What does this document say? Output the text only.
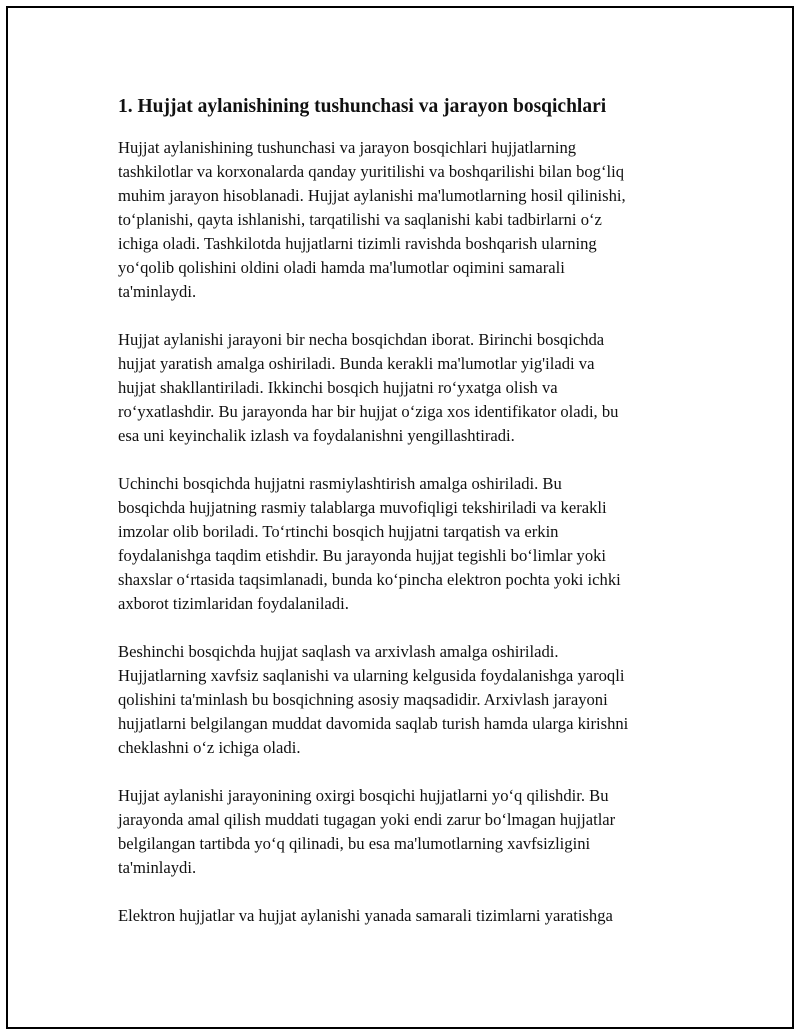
1. Hujjat aylanishining tushunchasi va jarayon bosqichlari

Hujjat aylanishining tushunchasi va jarayon bosqichlari hujjatlarning
tashkilotlar va korxonalarda qanday yuritilishi va boshqarilishi bilan bog‘liq
muhim jarayon hisoblanadi. Hujjat aylanishi ma'lumotlarning hosil qilinishi,
to‘planishi, qayta ishlanishi, tarqatilishi va saqlanishi kabi tadbirlarni o‘z
ichiga oladi. Tashkilotda hujjatlarni tizimli ravishda boshqarish ularning
yo‘qolib qolishini oldini oladi hamda ma'lumotlar oqimini samarali
ta'minlaydi.

Hujjat aylanishi jarayoni bir necha bosqichdan iborat. Birinchi bosqichda
hujjat yaratish amalga oshiriladi. Bunda kerakli ma'lumotlar yig'iladi va
hujjat shakllantiriladi. Ikkinchi bosqich hujjatni ro‘yxatga olish va
ro‘yxatlashdir. Bu jarayonda har bir hujjat o‘ziga xos identifikator oladi, bu
esa uni keyinchalik izlash va foydalanishni yengillashtiradi.

Uchinchi bosqichda hujjatni rasmiylashtirish amalga oshiriladi. Bu
bosqichda hujjatning rasmiy talablarga muvofiqligi tekshiriladi va kerakli
imzolar olib boriladi. To‘rtinchi bosqich hujjatni tarqatish va erkin
foydalanishga taqdim etishdir. Bu jarayonda hujjat tegishli bo‘limlar yoki
shaxslar o‘rtasida taqsimlanadi, bunda ko‘pincha elektron pochta yoki ichki
axborot tizimlaridan foydalaniladi.

Beshinchi bosqichda hujjat saqlash va arxivlash amalga oshiriladi.
Hujjatlarning xavfsiz saqlanishi va ularning kelgusida foydalanishga yaroqli
qolishini ta'minlash bu bosqichning asosiy maqsadidir. Arxivlash jarayoni
hujjatlarni belgilangan muddat davomida saqlab turish hamda ularga kirishni
cheklashni o‘z ichiga oladi.

Hujjat aylanishi jarayonining oxirgi bosqichi hujjatlarni yo‘q qilishdir. Bu
jarayonda amal qilish muddati tugagan yoki endi zarur bo‘lmagan hujjatlar
belgilangan tartibda yo‘q qilinadi, bu esa ma'lumotlarning xavfsizligini
ta'minlaydi.

Elektron hujjatlar va hujjat aylanishi yanada samarali tizimlarni yaratishga
